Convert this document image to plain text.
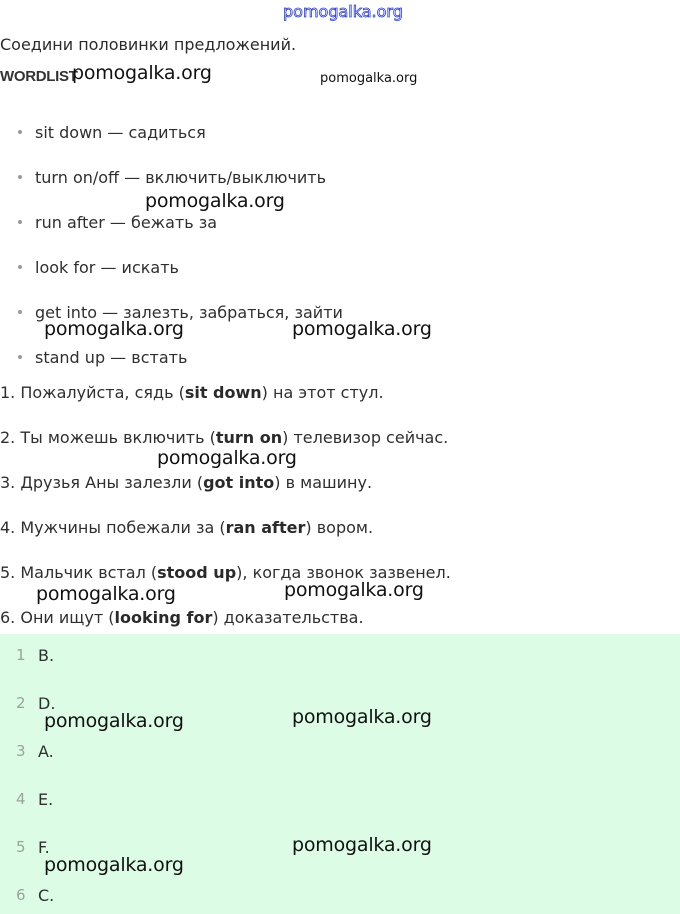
pomogalka.org
Соедини половинки предложений.
WORDLIST
pomogalka.org	pomogalka.org
sit down — садиться
turn on/off — включить/выключить
run after — бежать за
look for — искать
get into — залезть, забраться, зайти
stand up — встать
pomogalka.org
pomogalka.org	pomogalka.org
1. Пожалуйста, сядь (sit down) на этот стул.
2. Ты можешь включить (turn on) телевизор сейчас.
3. Друзья Аны залезли (got into) в машину.
4. Мужчины побежали за (ran after) вором.
5. Мальчик встал (stood up), когда звонок зазвенел.
6. Они ищут (looking for) доказательства.
pomogalka.org
pomogalka.org	pomogalka.org
1 B.
2 D.
3 A.
4 E.
5 F.
6 C.
pomogalka.org	pomogalka.org
pomogalka.org
pomogalka.org
